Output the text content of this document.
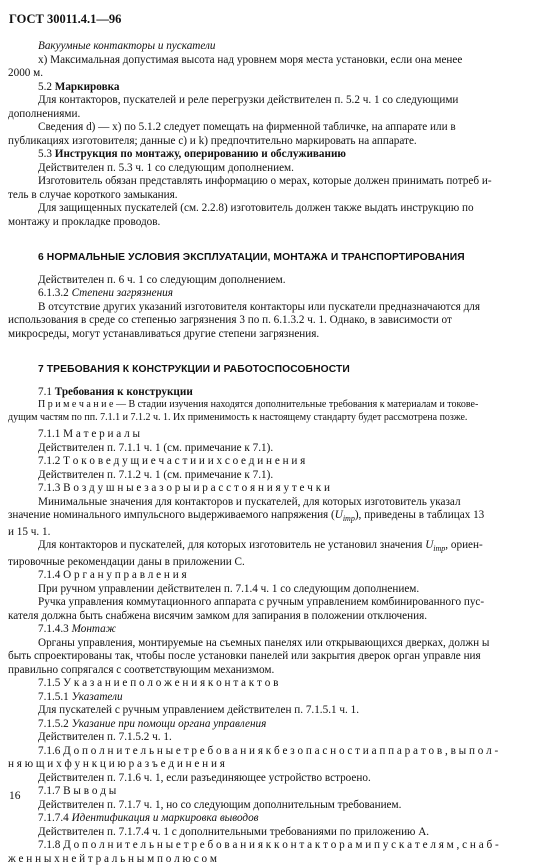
ГОСТ 30011.4.1—96

Вакуумные контакторы и пускатели

х) Максимальная допустимая высота над уровнем моря места установки, если она менее

2000 м.

5.2 Маркировка

Для контакторов, пускателей и реле перегрузки действителен п. 5.2 ч. 1 со следующими

дополнениями.

Сведения d) — х) по 5.1.2 следует помещать на фирменной табличке, на аппарате или в

публикациях изготовителя; данные с) и k) предпочтительно маркировать на аппарате.

5.3 Инструкция по монтажу, оперированию и обслуживанию

Действителен п. 5.3 ч. 1 со следующим дополнением.

Изготовитель обязан представлять информацию о мерах, которые должен принимать потреб и-

тель в случае короткого замыкания.

Для защищенных пускателей (см. 2.2.8) изготовитель должен также выдать инструкцию по

монтажу и прокладке проводов.

6 НОРМАЛЬНЫЕ УСЛОВИЯ ЭКСПЛУАТАЦИИ, МОНТАЖА И ТРАНСПОРТИРОВАНИЯ

Действителен п. 6 ч. 1 со следующим дополнением.

6.1.3.2 Степени загрязнения

В отсутствие других указаний изготовителя контакторы или пускатели предназначаются для

использования в среде со степенью загрязнения 3 по п. 6.1.3.2 ч. 1. Однако, в зависимости от

микросреды, могут устанавливаться другие степени загрязнения.

7 ТРЕБОВАНИЯ К КОНСТРУКЦИИ И РАБОТОСПОСОБНОСТИ

7.1 Требования к конструкции

П р и м е ч а н и е — В стадии изучения находятся дополнительные требования к материалам и токове-

дущим частям по пп. 7.1.1 и 7.1.2 ч. 1. Их применимость к настоящему стандарту будет рассмотрена позже.

7.1.1 М а т е р и а л ы

Действителен п. 7.1.1 ч. 1 (см. примечание к 7.1).

7.1.2 Т о к о в е д у щ и е ч а с т и и и х с о е д и н е н и я

Действителен п. 7.1.2 ч. 1 (см. примечание к 7.1).

7.1.3 В о з д у ш н ы е з а з о р ы и р а с с т о я н и я у т е ч к и

Минимальные значения для контакторов и пускателей, для которых изготовитель указал

значение номинального импульсного выдерживаемого напряжения $(U_{imp})$, приведены в таблицах 13

и 15 ч. 1.

Для контакторов и пускателей, для которых изготовитель не установил значения $U_{imp}$, ориен-

тировочные рекомендации даны в приложении С.

7.1.4 О р г а н у п р а в л е н и я

При ручном управлении действителен п. 7.1.4 ч. 1 со следующим дополнением.

Ручка управления коммутационного аппарата с ручным управлением комбинированного пус-

кателя должна быть снабжена висячим замком для запирания в положении отключения.

7.1.4.3 Монтаж

Органы управления, монтируемые на съемных панелях или открывающихся дверках, должн ы

быть спроектированы так, чтобы после установки панелей или закрытия дверок орган управле ния

правильно сопрягался с соответствующим механизмом.

7.1.5 У к а з а н и е п о л о ж е н и я к о н т а к т о в

7.1.5.1 Указатели

Для пускателей с ручным управлением действителен п. 7.1.5.1 ч. 1.

7.1.5.2 Указание при помощи органа управления

Действителен п. 7.1.5.2 ч. 1.

7.1.6 Д о п о л н и т е л ь н ы е т р е б о в а н и я к б е з о п а с н о с т и а п п а р а т о в , в ы п о л -

н я ю щ и х ф у н к ц и ю р а з ъ е д и н е н и я

Действителен п. 7.1.6 ч. 1, если разъединяющее устройство встроено.

7.1.7 В ы в о д ы

Действителен п. 7.1.7 ч. 1, но со следующим дополнительным требованием.

7.1.7.4 Идентификация и маркировка выводов

Действителен п. 7.1.7.4 ч. 1 с дополнительными требованиями по приложению А.

7.1.8 Д о п о л н и т е л ь н ы е т р е б о в а н и я к к о н т а к т о р а м и п у с к а т е л я м , с н а б -

ж е н н ы х н е й т р а л ь н ы м п о л ю с о м

16
